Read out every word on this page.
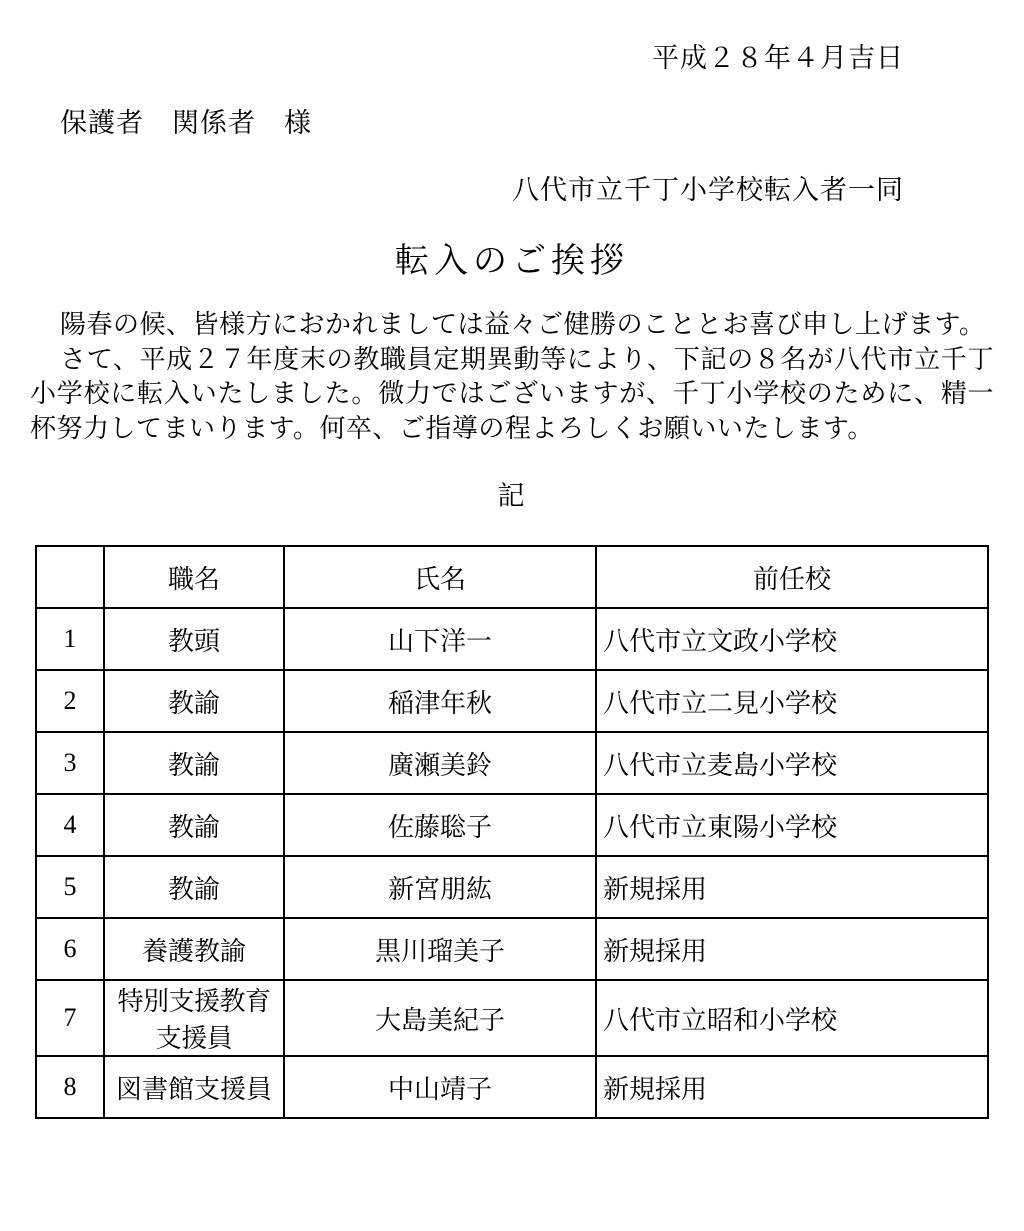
平成２８年４月吉日
保護者　関係者　様
八代市立千丁小学校転入者一同
転入のご挨拶

陽春の候、皆様方におかれましては益々ご健勝のこととお喜び申し上げます。

さて、平成２７年度末の教職員定期異動等により、下記の８名が八代市立千丁小学校に転入いたしました。微力ではございますが、千丁小学校のために、精一杯努力してまいります。何卒、ご指導の程よろしくお願いいたします。

記
	職名	氏名	前任校
1	教頭	山下洋一	八代市立文政小学校
2	教諭	稲津年秋	八代市立二見小学校
3	教諭	廣瀬美鈴	八代市立麦島小学校
4	教諭	佐藤聡子	八代市立東陽小学校
5	教諭	新宮朋紘	新規採用
6	養護教諭	黒川瑠美子	新規採用
7	特別支援教育支援員	大島美紀子	八代市立昭和小学校
8	図書館支援員	中山靖子	新規採用
